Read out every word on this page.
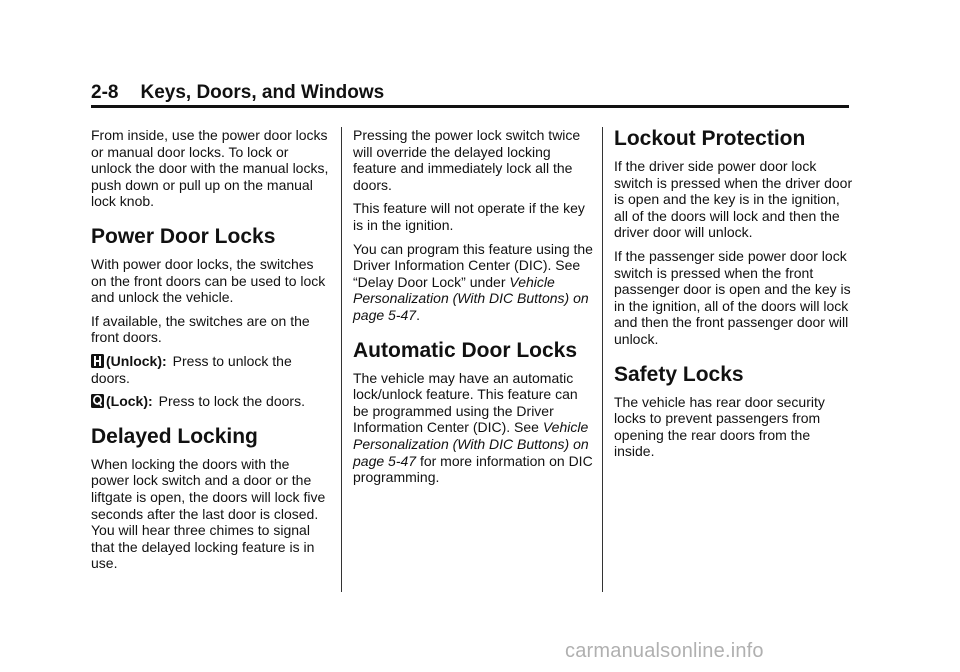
2-8 Keys, Doors, and Windows

From inside, use the power door locks or manual door locks. To lock or unlock the door with the manual locks, push down or pull up on the manual lock knob.

Power Door Locks

With power door locks, the switches on the front doors can be used to lock and unlock the vehicle.

If available, the switches are on the front doors.

(Unlock): Press to unlock the doors.

(Lock): Press to lock the doors.

Delayed Locking

When locking the doors with the power lock switch and a door or the liftgate is open, the doors will lock five seconds after the last door is closed. You will hear three chimes to signal that the delayed locking feature is in use.

Pressing the power lock switch twice will override the delayed locking feature and immediately lock all the doors.

This feature will not operate if the key is in the ignition.

You can program this feature using the Driver Information Center (DIC). See “Delay Door Lock” under Vehicle Personalization (With DIC Buttons) on page 5-47.

Automatic Door Locks

The vehicle may have an automatic lock/unlock feature. This feature can be programmed using the Driver Information Center (DIC). See Vehicle Personalization (With DIC Buttons) on page 5-47 for more information on DIC programming.

Lockout Protection

If the driver side power door lock switch is pressed when the driver door is open and the key is in the ignition, all of the doors will lock and then the driver door will unlock.

If the passenger side power door lock switch is pressed when the front passenger door is open and the key is in the ignition, all of the doors will lock and then the front passenger door will unlock.

Safety Locks

The vehicle has rear door security locks to prevent passengers from opening the rear doors from the inside.

carmanualsonline.info
